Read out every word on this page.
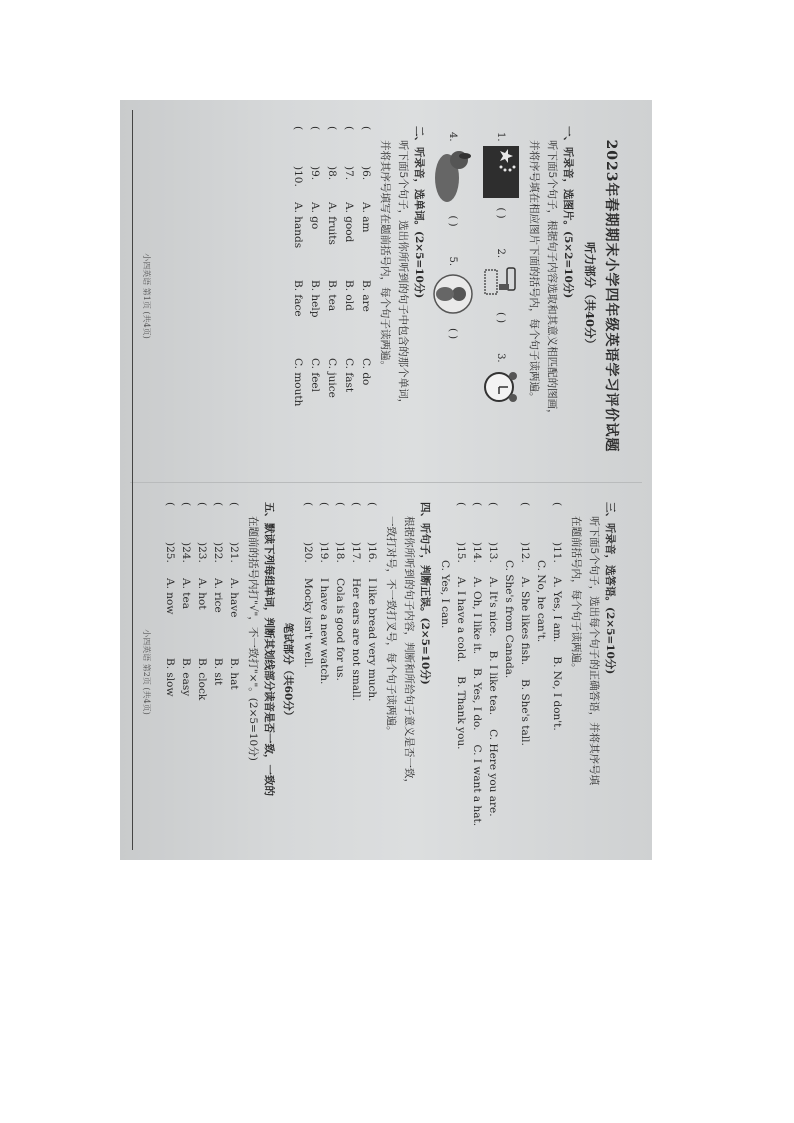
2023年春期期末小学四年级英语学习评价试题
听力部分（共40分）
一、听录音，选图片。(5×2=10分)
听下面5个句子，根据句子内容选取和其意义相匹配的图画，
并将序号填在相应图片下面的括号内，每个句子读两遍。
1.
( )
2.
( )
3.
4.
( )
5.
( )
二、听录音，选单词。(2×5=10分)
听下面5个句子，选出你所听到的句子中包含的那个单词，
并将其序号填写在题前括号内，每个句子读两遍。
(
)6.
A. am
B. are
C. do
(
)7.
A. good
B. old
C. fast
(
)8.
A. fruits
B. tea
C. juice
(
)9.
A. go
B. help
C. feel
(
)10.
A. hands
B. face
C. mouth
小四英语 第1页 (共4页)
三、听录音，选答语。(2×5=10分)
听下面5个句子，选出每个句子的正确答语，并将其序号填
在题前括号内，每个句子读两遍。
(
)11.
A. Yes, I am.
B. No, I don't.
C. No, he can't.
(
)12.
A. She likes fish.
B. She's tall.
C. She's from Canada.
(
)13.
A. It's nice.
B. I like tea.
C. Here you are.
(
)14.
A. Oh, I like it.
B. Yes, I do.
C. I want a hat.
(
)15.
A. I have a cold.
B. Thank you.
C. Yes, I can.
四、听句子，判断正误。(2×5=10分)
根据你所听到的句子内容，判断和所给句子意义是否一致，
一致打对号，不一致打叉号，每个句子读两遍。
(
)16.
I like bread very much.
(
)17.
Her ears are not small.
(
)18.
Cola is good for us.
(
)19.
I have a new watch.
(
)20.
Mocky isn't well.
笔试部分（共60分）
五、默读下列每组单词，判断其划线部分读音是否一致，一致的
在题前的括号内打"√"，不一致打"×"。(2×5=10分)
(
)21.
A. have
B. hat
(
)22.
A. rice
B. sit
(
)23.
A. hot
B. clock
(
)24.
A. tea
B. easy
(
)25.
A. now
B. slow
小四英语 第2页 (共4页)
